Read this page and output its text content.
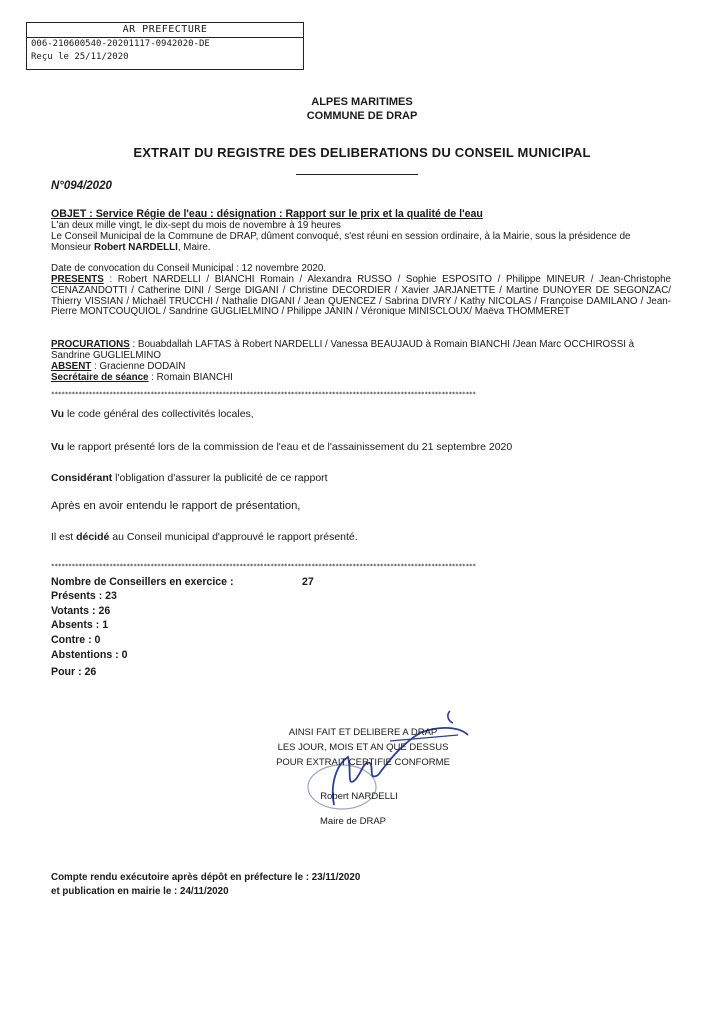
AR PREFECTURE
006-210600540-20201117-0942020-DE
Reçu le 25/11/2020
ALPES MARITIMES
COMMUNE DE DRAP
EXTRAIT DU REGISTRE DES DELIBERATIONS DU CONSEIL MUNICIPAL
N°094/2020
OBJET : Service Régie de l'eau : désignation : Rapport sur le prix et la qualité de l'eau
L'an deux mille vingt, le dix-sept du mois de novembre à 19 heures
Le Conseil Municipal de la Commune de DRAP, dûment convoqué, s'est réuni en session ordinaire, à la Mairie, sous la présidence de Monsieur Robert NARDELLI, Maire.
Date de convocation du Conseil Municipal : 12 novembre 2020.
PRESENTS : Robert NARDELLI / BIANCHI Romain / Alexandra RUSSO / Sophie ESPOSITO / Philippe MINEUR / Jean-Christophe CENAZANDOTTI / Catherine DINI / Serge DIGANI / Christine DECORDIER / Xavier JARJANETTE / Martine DUNOYER DE SEGONZAC/ Thierry VISSIAN / Michaël TRUCCHI / Nathalie DIGANI / Jean QUENCEZ / Sabrina DIVRY / Kathy NICOLAS / Françoise DAMILANO / Jean-Pierre MONTCOUQUIOL / Sandrine GUGLIELMINO / Philippe JANIN / Véronique MINISCLOUX/ Maëva THOMMERET
PROCURATIONS : Bouabdallah LAFTAS à Robert NARDELLI / Vanessa BEAUJAUD à Romain BIANCHI /Jean Marc OCCHIROSSI à Sandrine GUGLIELMINO
ABSENT : Gracienne DODAIN
Secrétaire de séance : Romain BIANCHI
****************************************************************************************************************************
Vu le code général des collectivités locales,
Vu le rapport présenté lors de la commission de l'eau et de l'assainissement du 21 septembre 2020
Considérant l'obligation d'assurer la publicité de ce rapport
Après en avoir entendu le rapport de présentation,
Il est décidé au Conseil municipal d'approuvé le rapport présenté.
****************************************************************************************************************************
Nombre de Conseillers en exercice :	27
Présents : 23
Votants : 26
Absents : 1
Contre : 0
Abstentions : 0
Pour : 26
AINSI FAIT ET DELIBERE A DRAP
LES JOUR, MOIS ET AN QUE DESSUS
POUR EXTRAIT CERTIFIE CONFORME
Robert NARDELLI
Maire de DRAP
Compte rendu exécutoire après dépôt en préfecture le : 23/11/2020
et publication en mairie le : 24/11/2020
